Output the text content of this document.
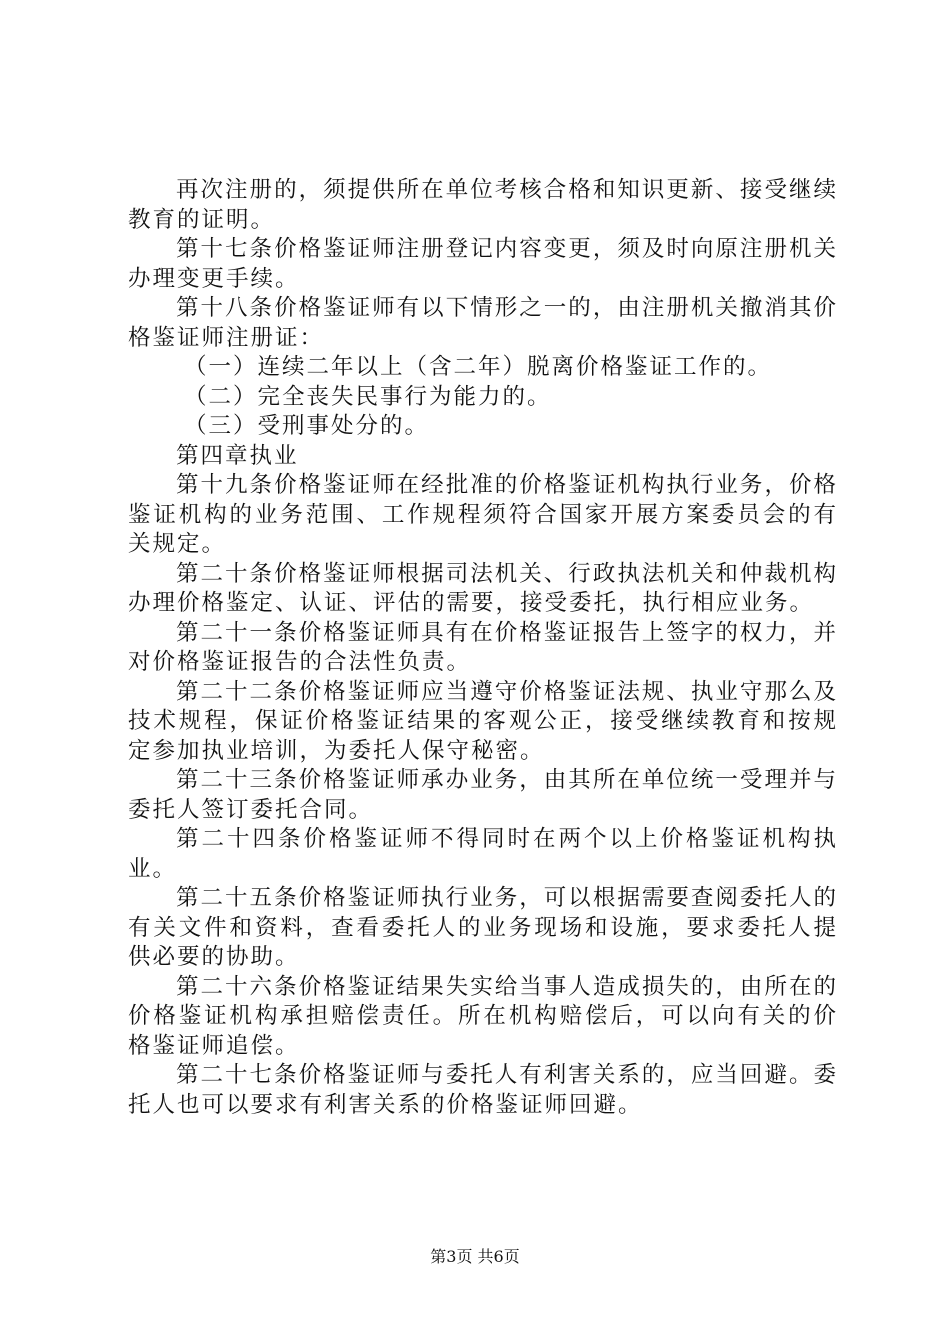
再次注册的，须提供所在单位考核合格和知识更新、接受继续教育的证明。

第十七条价格鉴证师注册登记内容变更，须及时向原注册机关办理变更手续。

第十八条价格鉴证师有以下情形之一的，由注册机关撤消其价格鉴证师注册证：

（一）连续二年以上（含二年）脱离价格鉴证工作的。

（二）完全丧失民事行为能力的。

（三）受刑事处分的。

第四章执业

第十九条价格鉴证师在经批准的价格鉴证机构执行业务，价格鉴证机构的业务范围、工作规程须符合国家开展方案委员会的有关规定。

第二十条价格鉴证师根据司法机关、行政执法机关和仲裁机构办理价格鉴定、认证、评估的需要，接受委托，执行相应业务。

第二十一条价格鉴证师具有在价格鉴证报告上签字的权力，并对价格鉴证报告的合法性负责。

第二十二条价格鉴证师应当遵守价格鉴证法规、执业守那么及技术规程，保证价格鉴证结果的客观公正，接受继续教育和按规定参加执业培训，为委托人保守秘密。

第二十三条价格鉴证师承办业务，由其所在单位统一受理并与委托人签订委托合同。

第二十四条价格鉴证师不得同时在两个以上价格鉴证机构执业。

第二十五条价格鉴证师执行业务，可以根据需要查阅委托人的有关文件和资料，查看委托人的业务现场和设施，要求委托人提供必要的协助。

第二十六条价格鉴证结果失实给当事人造成损失的，由所在的价格鉴证机构承担赔偿责任。所在机构赔偿后，可以向有关的价格鉴证师追偿。

第二十七条价格鉴证师与委托人有利害关系的，应当回避。委托人也可以要求有利害关系的价格鉴证师回避。

第3页 共6页
